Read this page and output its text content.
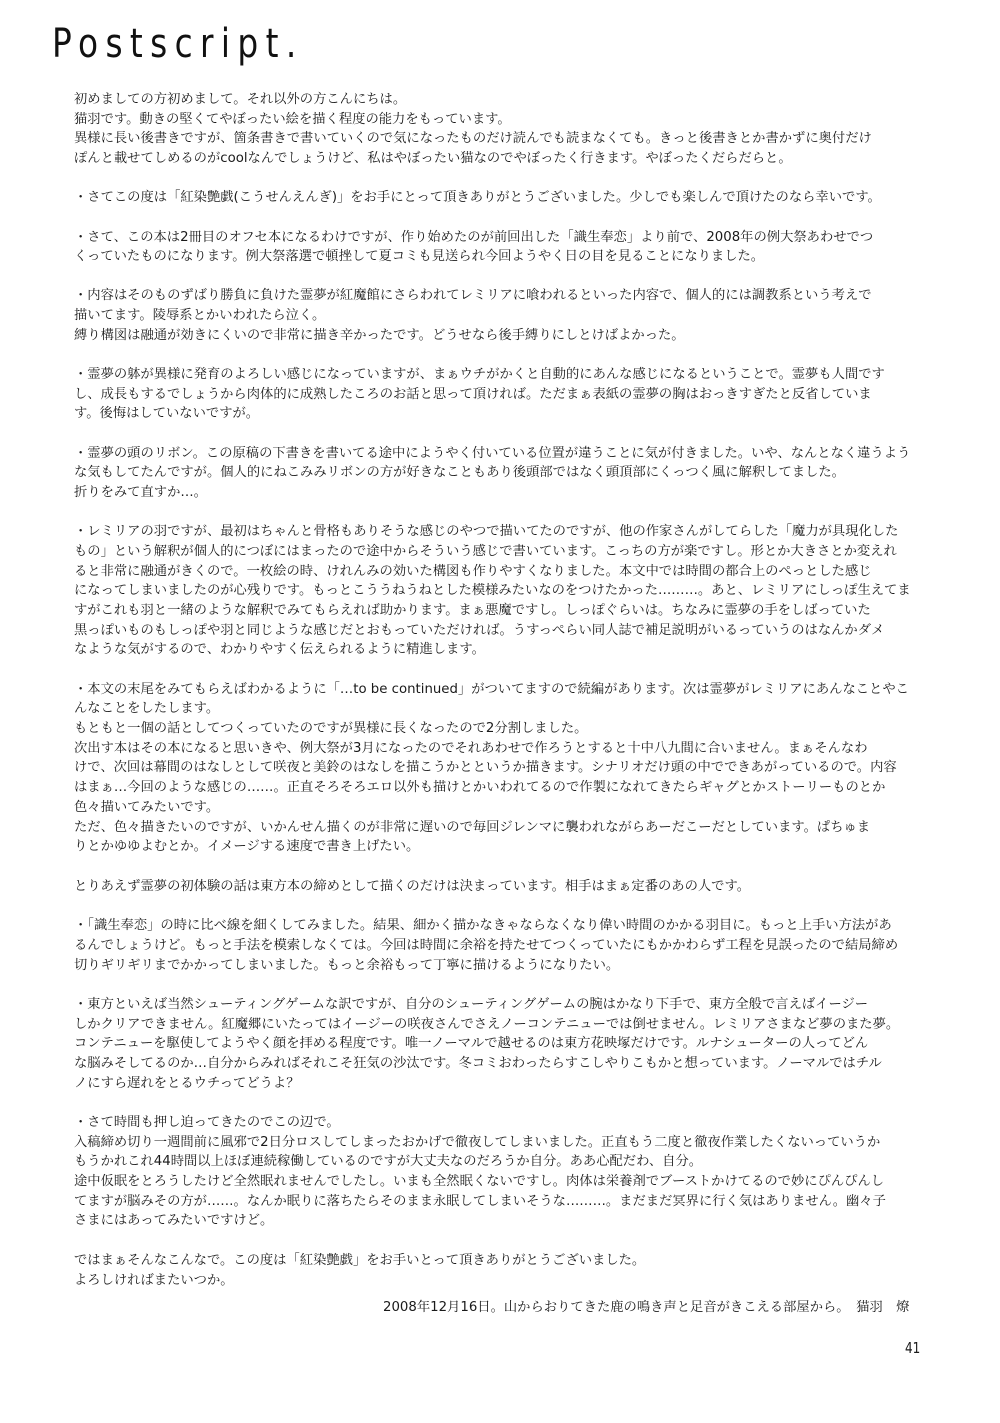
Postscript.

初めましての方初めまして。それ以外の方こんにちは。
猫羽です。動きの堅くてやぼったい絵を描く程度の能力をもっています。
異様に長い後書きですが、箇条書きで書いていくので気になったものだけ読んでも読まなくても。きっと後書きとか書かずに奥付だけ
ぽんと載せてしめるのがcoolなんでしょうけど、私はやぼったい猫なのでやぼったく行きます。やぼったくだらだらと。

・さてこの度は「紅染艶戯(こうせんえんぎ)」をお手にとって頂きありがとうございました。少しでも楽しんで頂けたのなら幸いです。

・さて、この本は2冊目のオフセ本になるわけですが、作り始めたのが前回出した「識生奉恋」より前で、2008年の例大祭あわせでつ
くっていたものになります。例大祭落選で頓挫して夏コミも見送られ今回ようやく日の目を見ることになりました。

・内容はそのものずばり勝負に負けた霊夢が紅魔館にさらわれてレミリアに喰われるといった内容で、個人的には調教系という考えで
描いてます。陵辱系とかいわれたら泣く。
縛り構図は融通が効きにくいので非常に描き辛かったです。どうせなら後手縛りにしとけばよかった。

・霊夢の躰が異様に発育のよろしい感じになっていますが、まぁウチがかくと自動的にあんな感じになるということで。霊夢も人間です
し、成長もするでしょうから肉体的に成熟したころのお話と思って頂ければ。ただまぁ表紙の霊夢の胸はおっきすぎたと反省していま
す。後悔はしていないですが。

・霊夢の頭のリボン。この原稿の下書きを書いてる途中にようやく付いている位置が違うことに気が付きました。いや、なんとなく違うよう
な気もしてたんですが。個人的にねこみみリボンの方が好きなこともあり後頭部ではなく頭頂部にくっつく風に解釈してました。
折りをみて直すか…。

・レミリアの羽ですが、最初はちゃんと骨格もありそうな感じのやつで描いてたのですが、他の作家さんがしてらした「魔力が具現化した
もの」という解釈が個人的につぼにはまったので途中からそういう感じで書いています。こっちの方が楽ですし。形とか大きさとか変えれ
ると非常に融通がきくので。一枚絵の時、けれんみの効いた構図も作りやすくなりました。本文中では時間の都合上のぺっとした感じ
になってしまいましたのが心残りです。もっとこううねうねとした模様みたいなのをつけたかった………。あと、レミリアにしっぽ生えてま
すがこれも羽と一緒のような解釈でみてもらえれば助かります。まぁ悪魔ですし。しっぽぐらいは。ちなみに霊夢の手をしばっていた
黒っぽいものもしっぽや羽と同じような感じだとおもっていただければ。うすっぺらい同人誌で補足説明がいるっていうのはなんかダメ
なような気がするので、わかりやすく伝えられるように精進します。

・本文の末尾をみてもらえばわかるように「…to be continued」がついてますので続編があります。次は霊夢がレミリアにあんなことやこ
んなことをしたします。
もともと一個の話としてつくっていたのですが異様に長くなったので2分割しました。
次出す本はその本になると思いきや、例大祭が3月になったのでそれあわせで作ろうとすると十中八九間に合いません。まぁそんなわ
けで、次回は幕間のはなしとして咲夜と美鈴のはなしを描こうかとというか描きます。シナリオだけ頭の中でできあがっているので。内容
はまぁ…今回のような感じの……。正直そろそろエロ以外も描けとかいわれてるので作製になれてきたらギャグとかストーリーものとか
色々描いてみたいです。
ただ、色々描きたいのですが、いかんせん描くのが非常に遅いので毎回ジレンマに襲われながらあーだこーだとしています。ぱちゅま
りとかゆゆよむとか。イメージする速度で書き上げたい。

とりあえず霊夢の初体験の話は東方本の締めとして描くのだけは決まっています。相手はまぁ定番のあの人です。

・「識生奉恋」の時に比べ線を細くしてみました。結果、細かく描かなきゃならなくなり偉い時間のかかる羽目に。もっと上手い方法があ
るんでしょうけど。もっと手法を模索しなくては。今回は時間に余裕を持たせてつくっていたにもかかわらず工程を見誤ったので結局締め
切りギリギリまでかかってしまいました。もっと余裕もって丁寧に描けるようになりたい。

・東方といえば当然シューティングゲームな訳ですが、自分のシューティングゲームの腕はかなり下手で、東方全般で言えばイージー
しかクリアできません。紅魔郷にいたってはイージーの咲夜さんでさえノーコンテニューでは倒せません。レミリアさまなど夢のまた夢。
コンテニューを駆使してようやく顔を拝める程度です。唯一ノーマルで越せるのは東方花映塚だけです。ルナシューターの人ってどん
な脳みそしてるのか…自分からみればそれこそ狂気の沙汰です。冬コミおわったらすこしやりこもかと想っています。ノーマルではチル
ノにすら遅れをとるウチってどうよ？

・さて時間も押し迫ってきたのでこの辺で。
入稿締め切り一週間前に風邪で2日分ロスしてしまったおかげで徹夜してしまいました。正直もう二度と徹夜作業したくないっていうか
もうかれこれ44時間以上ほぼ連続稼働しているのですが大丈夫なのだろうか自分。ああ心配だわ、自分。
途中仮眠をとろうしたけど全然眠れませんでしたし。いまも全然眠くないですし。肉体は栄養剤でブーストかけてるので妙にぴんぴんし
てますが脳みその方が……。なんか眠りに落ちたらそのまま永眠してしまいそうな………。まだまだ冥界に行く気はありません。幽々子
さまにはあってみたいですけど。

ではまぁそんなこんなで。この度は「紅染艶戯」をお手いとって頂きありがとうございました。
よろしければまたいつか。

2008年12月16日。山からおりてきた鹿の鳴き声と足音がきこえる部屋から。　猫羽　燎
41
